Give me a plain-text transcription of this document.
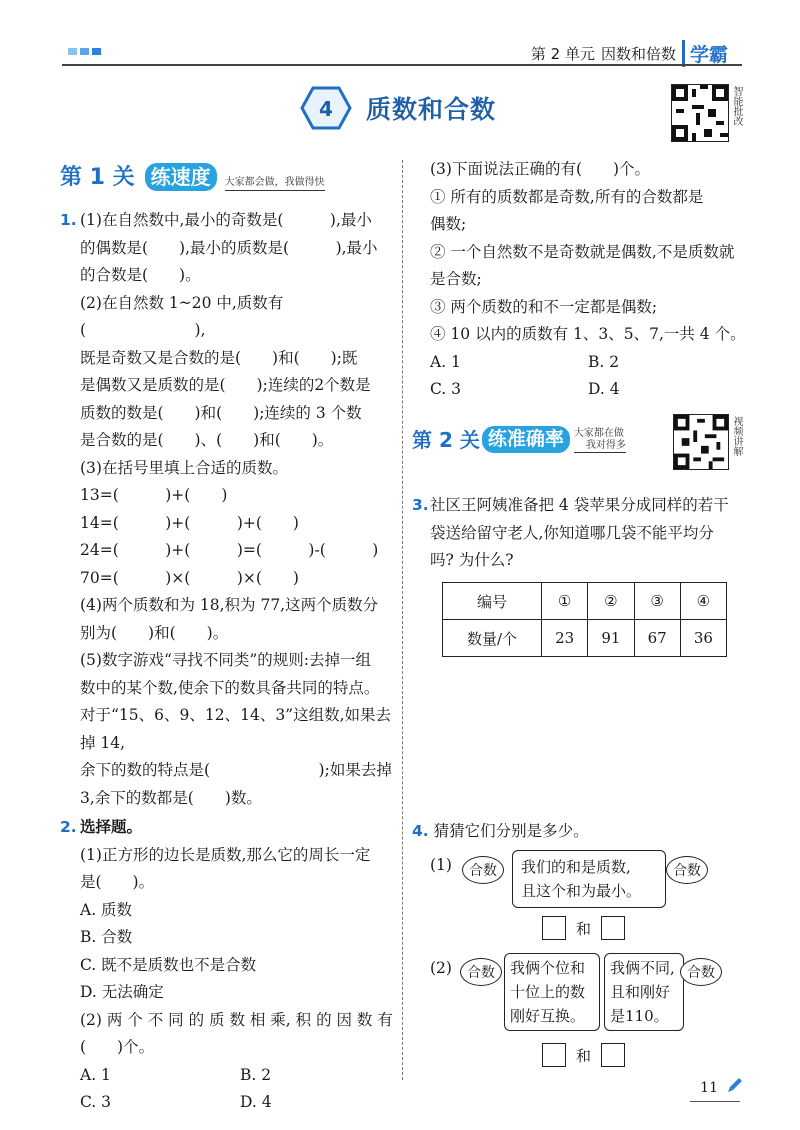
第 2 单元 因数和倍数 学霸
4 质数和合数	智能批改
第 1 关 练速度	大家都会做，我做得快
1. (1)在自然数中,最小的奇数是(　　　),最小
的偶数是(　　),最小的质数是(　　　),最小
的合数是(　　)。
(2)在自然数 1~20 中,质数有(　　　　　　　),
既是奇数又是合数的是(　　)和(　　);既
是偶数又是质数的是(　　);连续的2个数是
质数的数是(　　)和(　　);连续的 3 个数
是合数的是(　　)、(　　)和(　　)。
(3)在括号里填上合适的质数。
13=(　　　)+(　　)
14=(　　　)+(　　　)+(　　)
24=(　　　)+(　　　)=(　　　)-(　　　)
70=(　　　)×(　　　)×(　　)
(4)两个质数和为 18,积为 77,这两个质数分
别为(　　)和(　　)。
(5)数字游戏“寻找不同类”的规则:去掉一组
数中的某个数,使余下的数具备共同的特点。
对于“15、6、9、12、14、3”这组数,如果去掉 14,
余下的数的特点是(　　　　　　　);如果去掉
3,余下的数都是(　　)数。
2. 选择题。
(1)正方形的边长是质数,那么它的周长一定
是(　　)。
A. 质数
B. 合数
C. 既不是质数也不是合数
D. 无法确定
(2) 两 个 不 同 的 质 数 相 乘, 积 的 因 数 有
(　　)个。
A. 1	B. 2
C. 3	D. 4
(3)下面说法正确的有(　　)个。
① 所有的质数都是奇数,所有的合数都是
偶数;
② 一个自然数不是奇数就是偶数,不是质数就
是合数;
③ 两个质数的和不一定都是偶数;
④ 10 以内的质数有 1、3、5、7,一共 4 个。
A. 1	B. 2
C. 3	D. 4
第 2 关 练准确率	大家都在做
我对得多	视频讲解
3. 社区王阿姨准备把 4 袋苹果分成同样的若干
袋送给留守老人,你知道哪几袋不能平均分
吗? 为什么?
编号	①	②	③	④
数量/个	23	91	67	36
4. 猜猜它们分别是多少。
(1)	合数	我们的和是质数,
且这个和为最小。
合数
和
(2)	合数	我俩个位和
十位上的数
刚好互换。
我俩不同,
且和刚好
是110。
合数
和
11
